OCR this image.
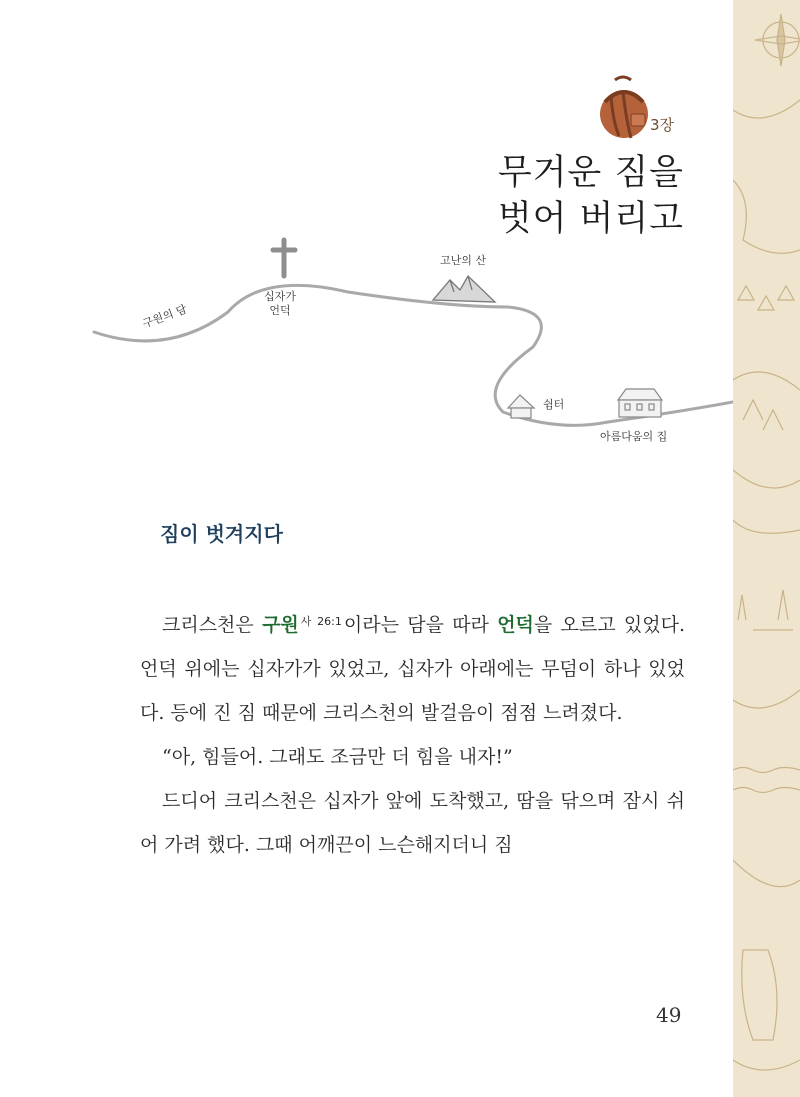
3장
무거운 짐을
벗어 버리고
구원의 담
십자가
언덕
고난의 산
쉼터
아름다움의 집
짐이 벗겨지다

크리스천은 구원 $^{사 26:1}$ 이라는 담을 따라 언덕을 오르고 있었다. 언덕 위에는 십자가가 있었고, 십자가 아래에는 무덤이 하나 있었다. 등에 진 짐 때문에 크리스천의 발걸음이 점점 느려졌다.

“아, 힘들어. 그래도 조금만 더 힘을 내자!”

드디어 크리스천은 십자가 앞에 도착했고, 땀을 닦으며 잠시 쉬어 가려 했다. 그때 어깨끈이 느슨해지더니 짐

49
